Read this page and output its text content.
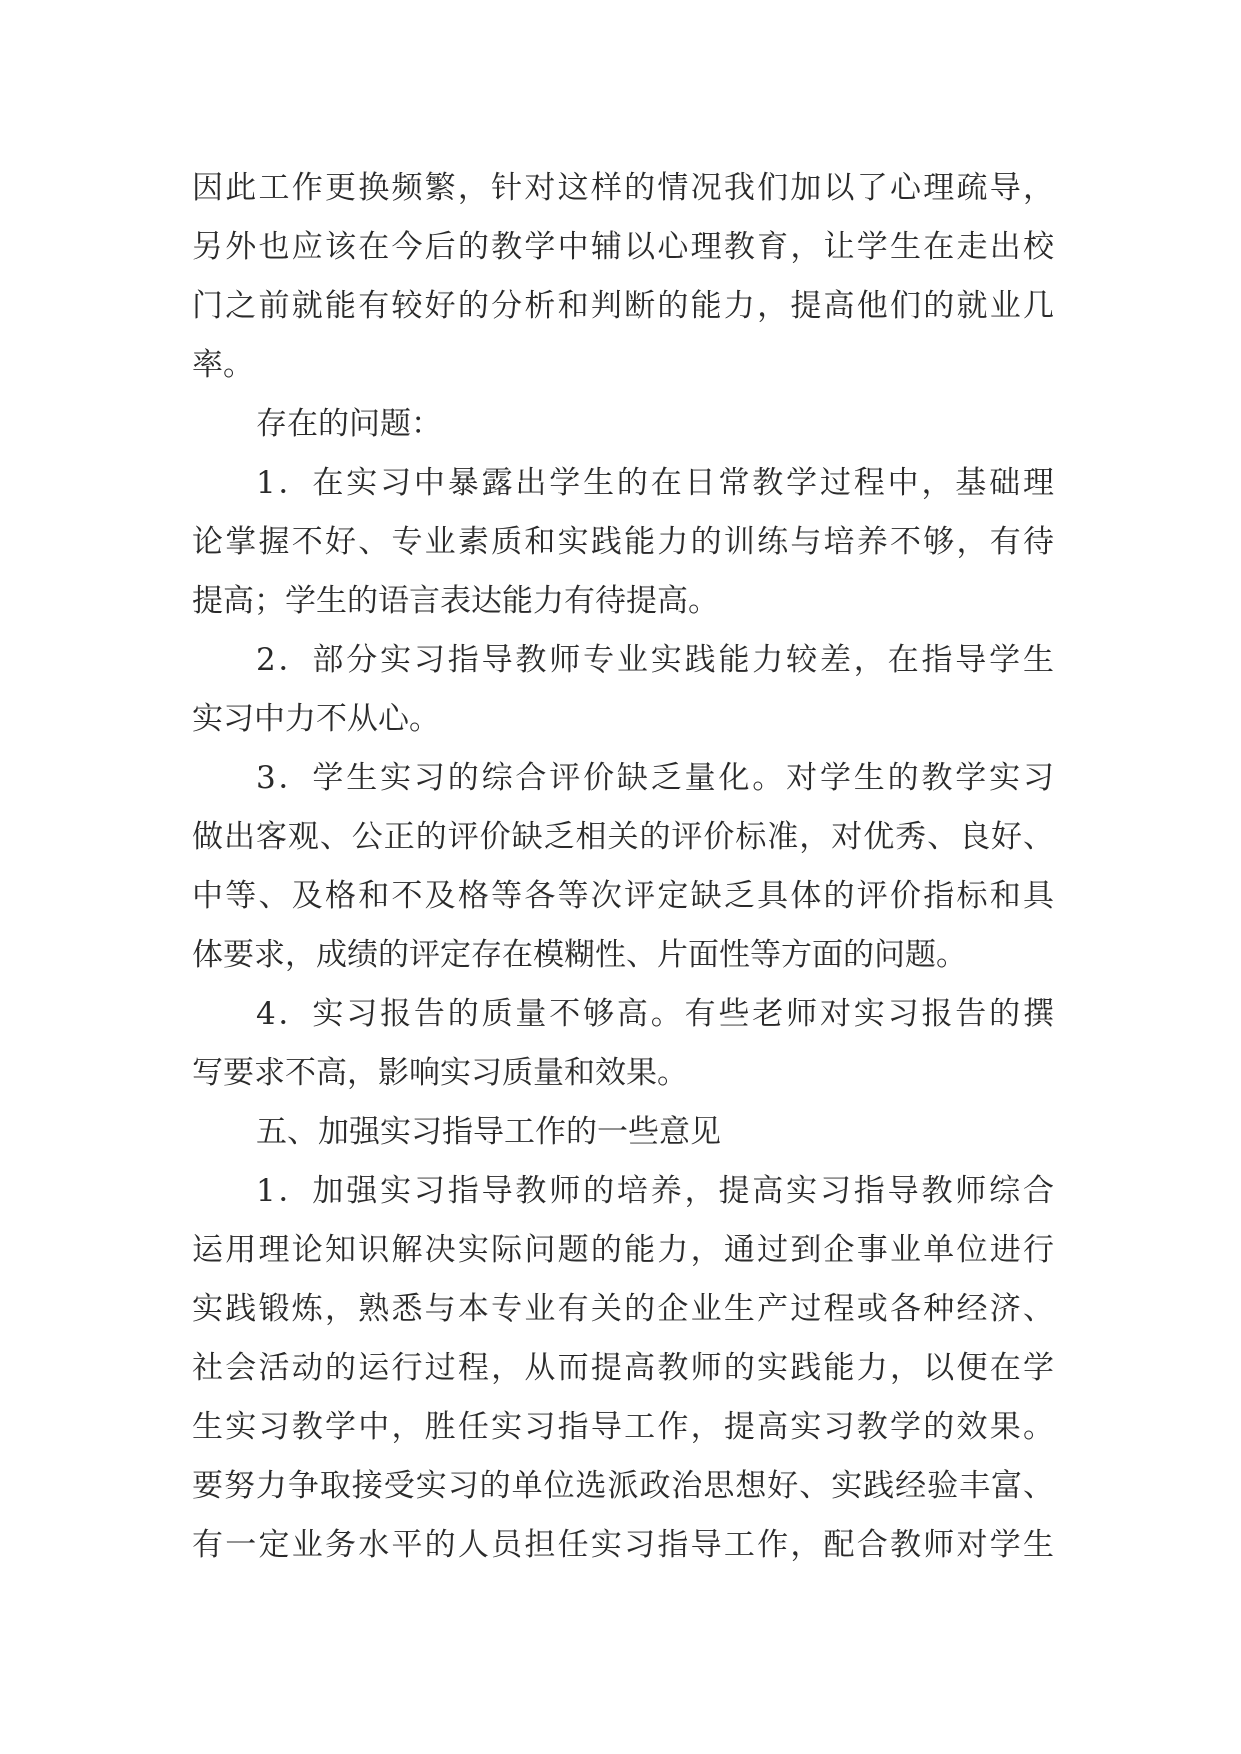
因此工作更换频繁，针对这样的情况我们加以了心理疏导，
另外也应该在今后的教学中辅以心理教育，让学生在走出校
门之前就能有较好的分析和判断的能力，提高他们的就业几
率。
存在的问题：
1．在实习中暴露出学生的在日常教学过程中，基础理
论掌握不好、专业素质和实践能力的训练与培养不够，有待
提高；学生的语言表达能力有待提高。
2．部分实习指导教师专业实践能力较差，在指导学生
实习中力不从心。
3．学生实习的综合评价缺乏量化。对学生的教学实习
做出客观、公正的评价缺乏相关的评价标准，对优秀、良好、
中等、及格和不及格等各等次评定缺乏具体的评价指标和具
体要求，成绩的评定存在模糊性、片面性等方面的问题。
4．实习报告的质量不够高。有些老师对实习报告的撰
写要求不高，影响实习质量和效果。
五、加强实习指导工作的一些意见
1．加强实习指导教师的培养，提高实习指导教师综合
运用理论知识解决实际问题的能力，通过到企事业单位进行
实践锻炼，熟悉与本专业有关的企业生产过程或各种经济、
社会活动的运行过程，从而提高教师的实践能力，以便在学
生实习教学中，胜任实习指导工作，提高实习教学的效果。
要努力争取接受实习的单位选派政治思想好、实践经验丰富、
有一定业务水平的人员担任实习指导工作，配合教师对学生
